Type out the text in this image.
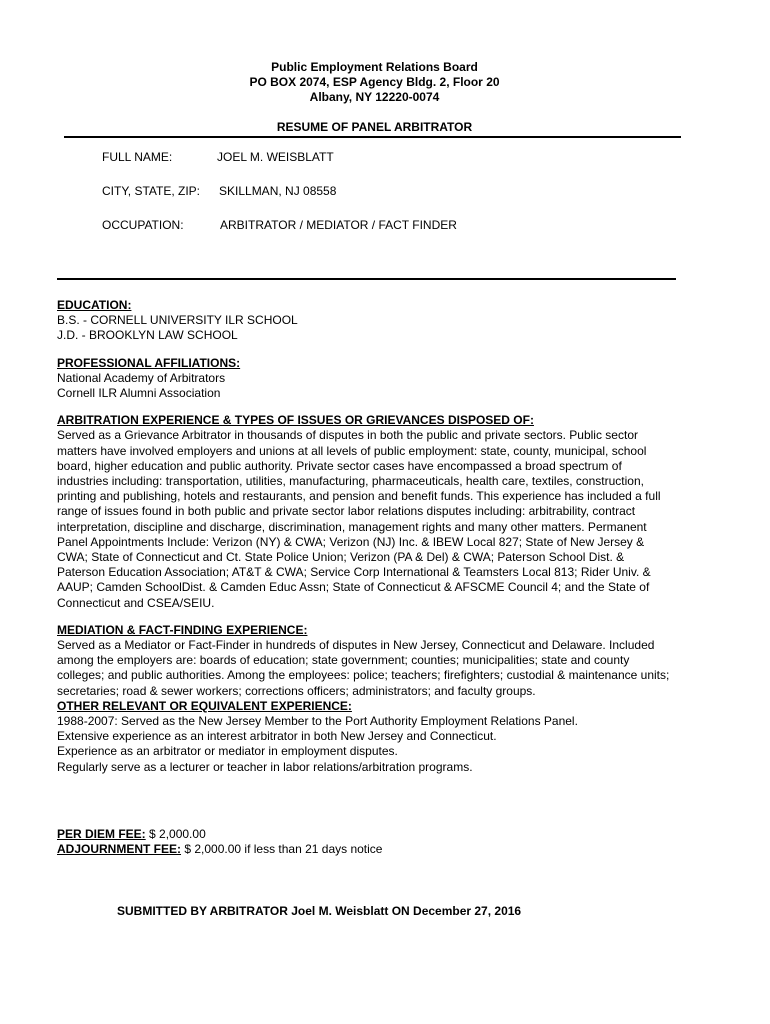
Public Employment Relations Board
PO BOX 2074, ESP Agency Bldg. 2, Floor 20
Albany, NY 12220-0074
RESUME OF PANEL ARBITRATOR
FULL NAME:	JOEL M. WEISBLATT
CITY, STATE, ZIP: SKILLMAN, NJ 08558
OCCUPATION:	ARBITRATOR / MEDIATOR / FACT FINDER
EDUCATION:
B.S. - CORNELL UNIVERSITY ILR SCHOOL
J.D. - BROOKLYN LAW SCHOOL
PROFESSIONAL AFFILIATIONS:
National Academy of Arbitrators
Cornell ILR Alumni Association
ARBITRATION EXPERIENCE & TYPES OF ISSUES OR GRIEVANCES DISPOSED OF:
Served as a Grievance Arbitrator in thousands of disputes in both the public and private sectors. Public sector
matters have involved employers and unions at all levels of public employment: state, county, municipal, school
board, higher education and public authority. Private sector cases have encompassed a broad spectrum of
industries including: transportation, utilities, manufacturing, pharmaceuticals, health care, textiles, construction,
printing and publishing, hotels and restaurants, and pension and benefit funds. This experience has included a full
range of issues found in both public and private sector labor relations disputes including: arbitrability, contract
interpretation, discipline and discharge, discrimination, management rights and many other matters. Permanent
Panel Appointments Include: Verizon (NY) & CWA; Verizon (NJ) Inc. & IBEW Local 827; State of New Jersey &
CWA; State of Connecticut and Ct. State Police Union; Verizon (PA & Del) & CWA; Paterson School Dist. &
Paterson Education Association; AT&T & CWA; Service Corp International & Teamsters Local 813; Rider Univ. &
AAUP; Camden SchoolDist. & Camden Educ Assn; State of Connecticut & AFSCME Council 4; and the State of
Connecticut and CSEA/SEIU.
MEDIATION & FACT-FINDING EXPERIENCE:
Served as a Mediator or Fact-Finder in hundreds of disputes in New Jersey, Connecticut and Delaware. Included
among the employers are: boards of education; state government; counties; municipalities; state and county
colleges; and public authorities. Among the employees: police; teachers; firefighters; custodial & maintenance units;
secretaries; road & sewer workers; corrections officers; administrators; and faculty groups.
OTHER RELEVANT OR EQUIVALENT EXPERIENCE:
1988-2007: Served as the New Jersey Member to the Port Authority Employment Relations Panel.
Extensive experience as an interest arbitrator in both New Jersey and Connecticut.
Experience as an arbitrator or mediator in employment disputes.
Regularly serve as a lecturer or teacher in labor relations/arbitration programs.
PER DIEM FEE: $ 2,000.00
ADJOURNMENT FEE: $ 2,000.00 if less than 21 days notice
SUBMITTED BY ARBITRATOR Joel M. Weisblatt ON December 27, 2016
